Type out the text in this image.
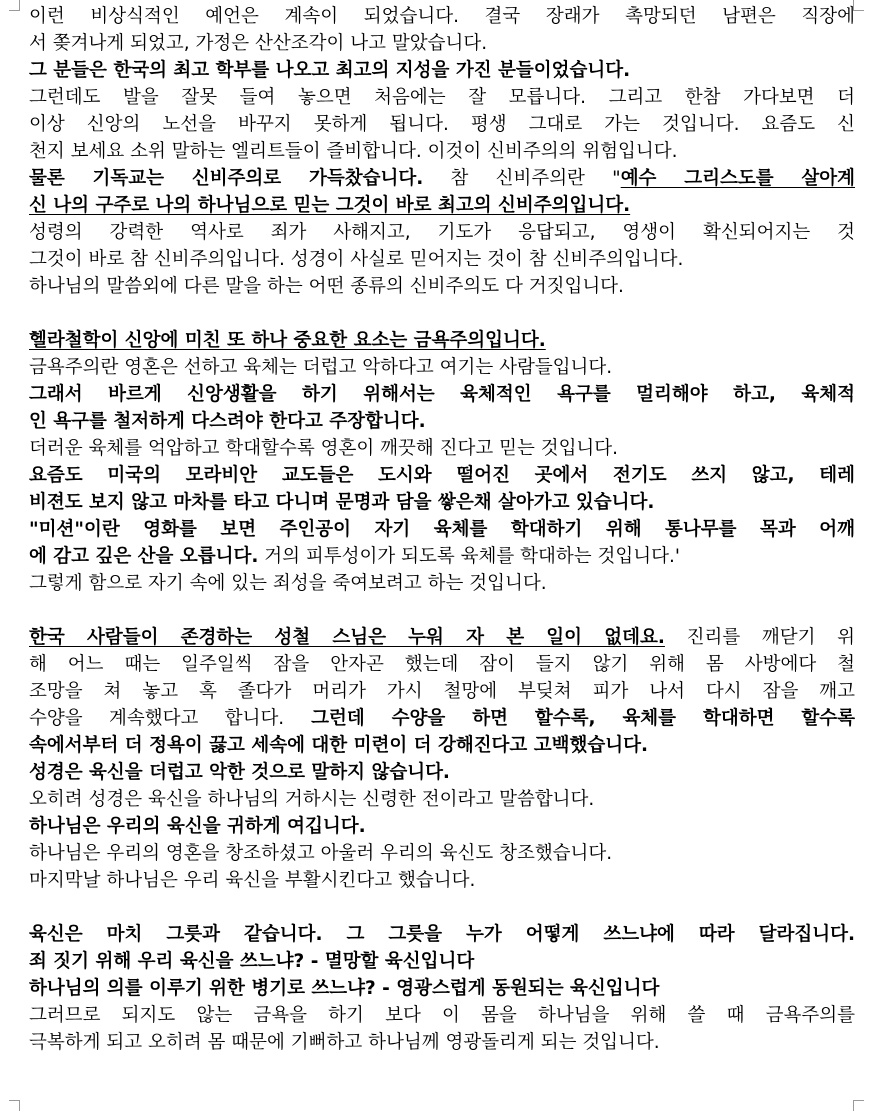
이런 비상식적인 예언은 계속이 되었습니다. 결국 장래가 촉망되던 남편은 직장에
서 쫒겨나게 되었고, 가정은 산산조각이 나고 말았습니다.
그 분들은 한국의 최고 학부를 나오고 최고의 지성을 가진 분들이었습니다.
그런데도 발을 잘못 들여 놓으면 처음에는 잘 모릅니다. 그리고 한참 가다보면 더
이상 신앙의 노선을 바꾸지 못하게 됩니다. 평생 그대로 가는 것입니다. 요즘도 신
천지 보세요 소위 말하는 엘리트들이 즐비합니다. 이것이 신비주의의 위험입니다.
물론 기독교는 신비주의로 가득찼습니다. 참 신비주의란 "예수 그리스도를 살아계
신 나의 구주로 나의 하나님으로 믿는 그것이 바로 최고의 신비주의입니다.
성령의 강력한 역사로 죄가 사해지고, 기도가 응답되고, 영생이 확신되어지는 것
그것이 바로 참 신비주의입니다. 성경이 사실로 믿어지는 것이 참 신비주의입니다.
하나님의 말씀외에 다른 말을 하는 어떤 종류의 신비주의도 다 거짓입니다.
헬라철학이 신앙에 미친 또 하나 중요한 요소는 금욕주의입니다.
금욕주의란 영혼은 선하고 육체는 더럽고 악하다고 여기는 사람들입니다.
그래서 바르게 신앙생활을 하기 위해서는 육체적인 욕구를 멀리해야 하고, 육체적
인 욕구를 철저하게 다스려야 한다고 주장합니다.
더러운 육체를 억압하고 학대할수록 영혼이 깨끗해 진다고 믿는 것입니다.
요즘도 미국의 모라비안 교도들은 도시와 떨어진 곳에서 전기도 쓰지 않고, 테레
비젼도 보지 않고 마차를 타고 다니며 문명과 담을 쌓은채 살아가고 있습니다.
"미션"이란 영화를 보면 주인공이 자기 육체를 학대하기 위해 통나무를 목과 어깨
에 감고 깊은 산을 오릅니다. 거의 피투성이가 되도록 육체를 학대하는 것입니다.'
그렇게 함으로 자기 속에 있는 죄성을 죽여보려고 하는 것입니다.
한국 사람들이 존경하는 성철 스님은 누워 자 본 일이 없데요. 진리를 깨닫기 위
해 어느 때는 일주일씩 잠을 안자곤 했는데 잠이 들지 않기 위해 몸 사방에다 철
조망을 쳐 놓고 혹 졸다가 머리가 가시 철망에 부딪쳐 피가 나서 다시 잠을 깨고
수양을 계속했다고 합니다. 그런데 수양을 하면 할수록, 육체를 학대하면 할수록
속에서부터 더 정욕이 끓고 세속에 대한 미련이 더 강해진다고 고백했습니다.
성경은 육신을 더럽고 악한 것으로 말하지 않습니다.
오히려 성경은 육신을 하나님의 거하시는 신령한 전이라고 말씀합니다.
하나님은 우리의 육신을 귀하게 여깁니다.
하나님은 우리의 영혼을 창조하셨고 아울러 우리의 육신도 창조했습니다.
마지막날 하나님은 우리 육신을 부활시킨다고 했습니다.
육신은 마치 그릇과 같습니다. 그 그릇을 누가 어떻게 쓰느냐에 따라 달라집니다.
죄 짓기 위해 우리 육신을 쓰느냐? - 멸망할 육신입니다
하나님의 의를 이루기 위한 병기로 쓰느냐? - 영광스럽게 동원되는 육신입니다
그러므로 되지도 않는 금욕을 하기 보다 이 몸을 하나님을 위해 쓸 때 금욕주의를
극복하게 되고 오히려 몸 때문에 기뻐하고 하나님께 영광돌리게 되는 것입니다.
